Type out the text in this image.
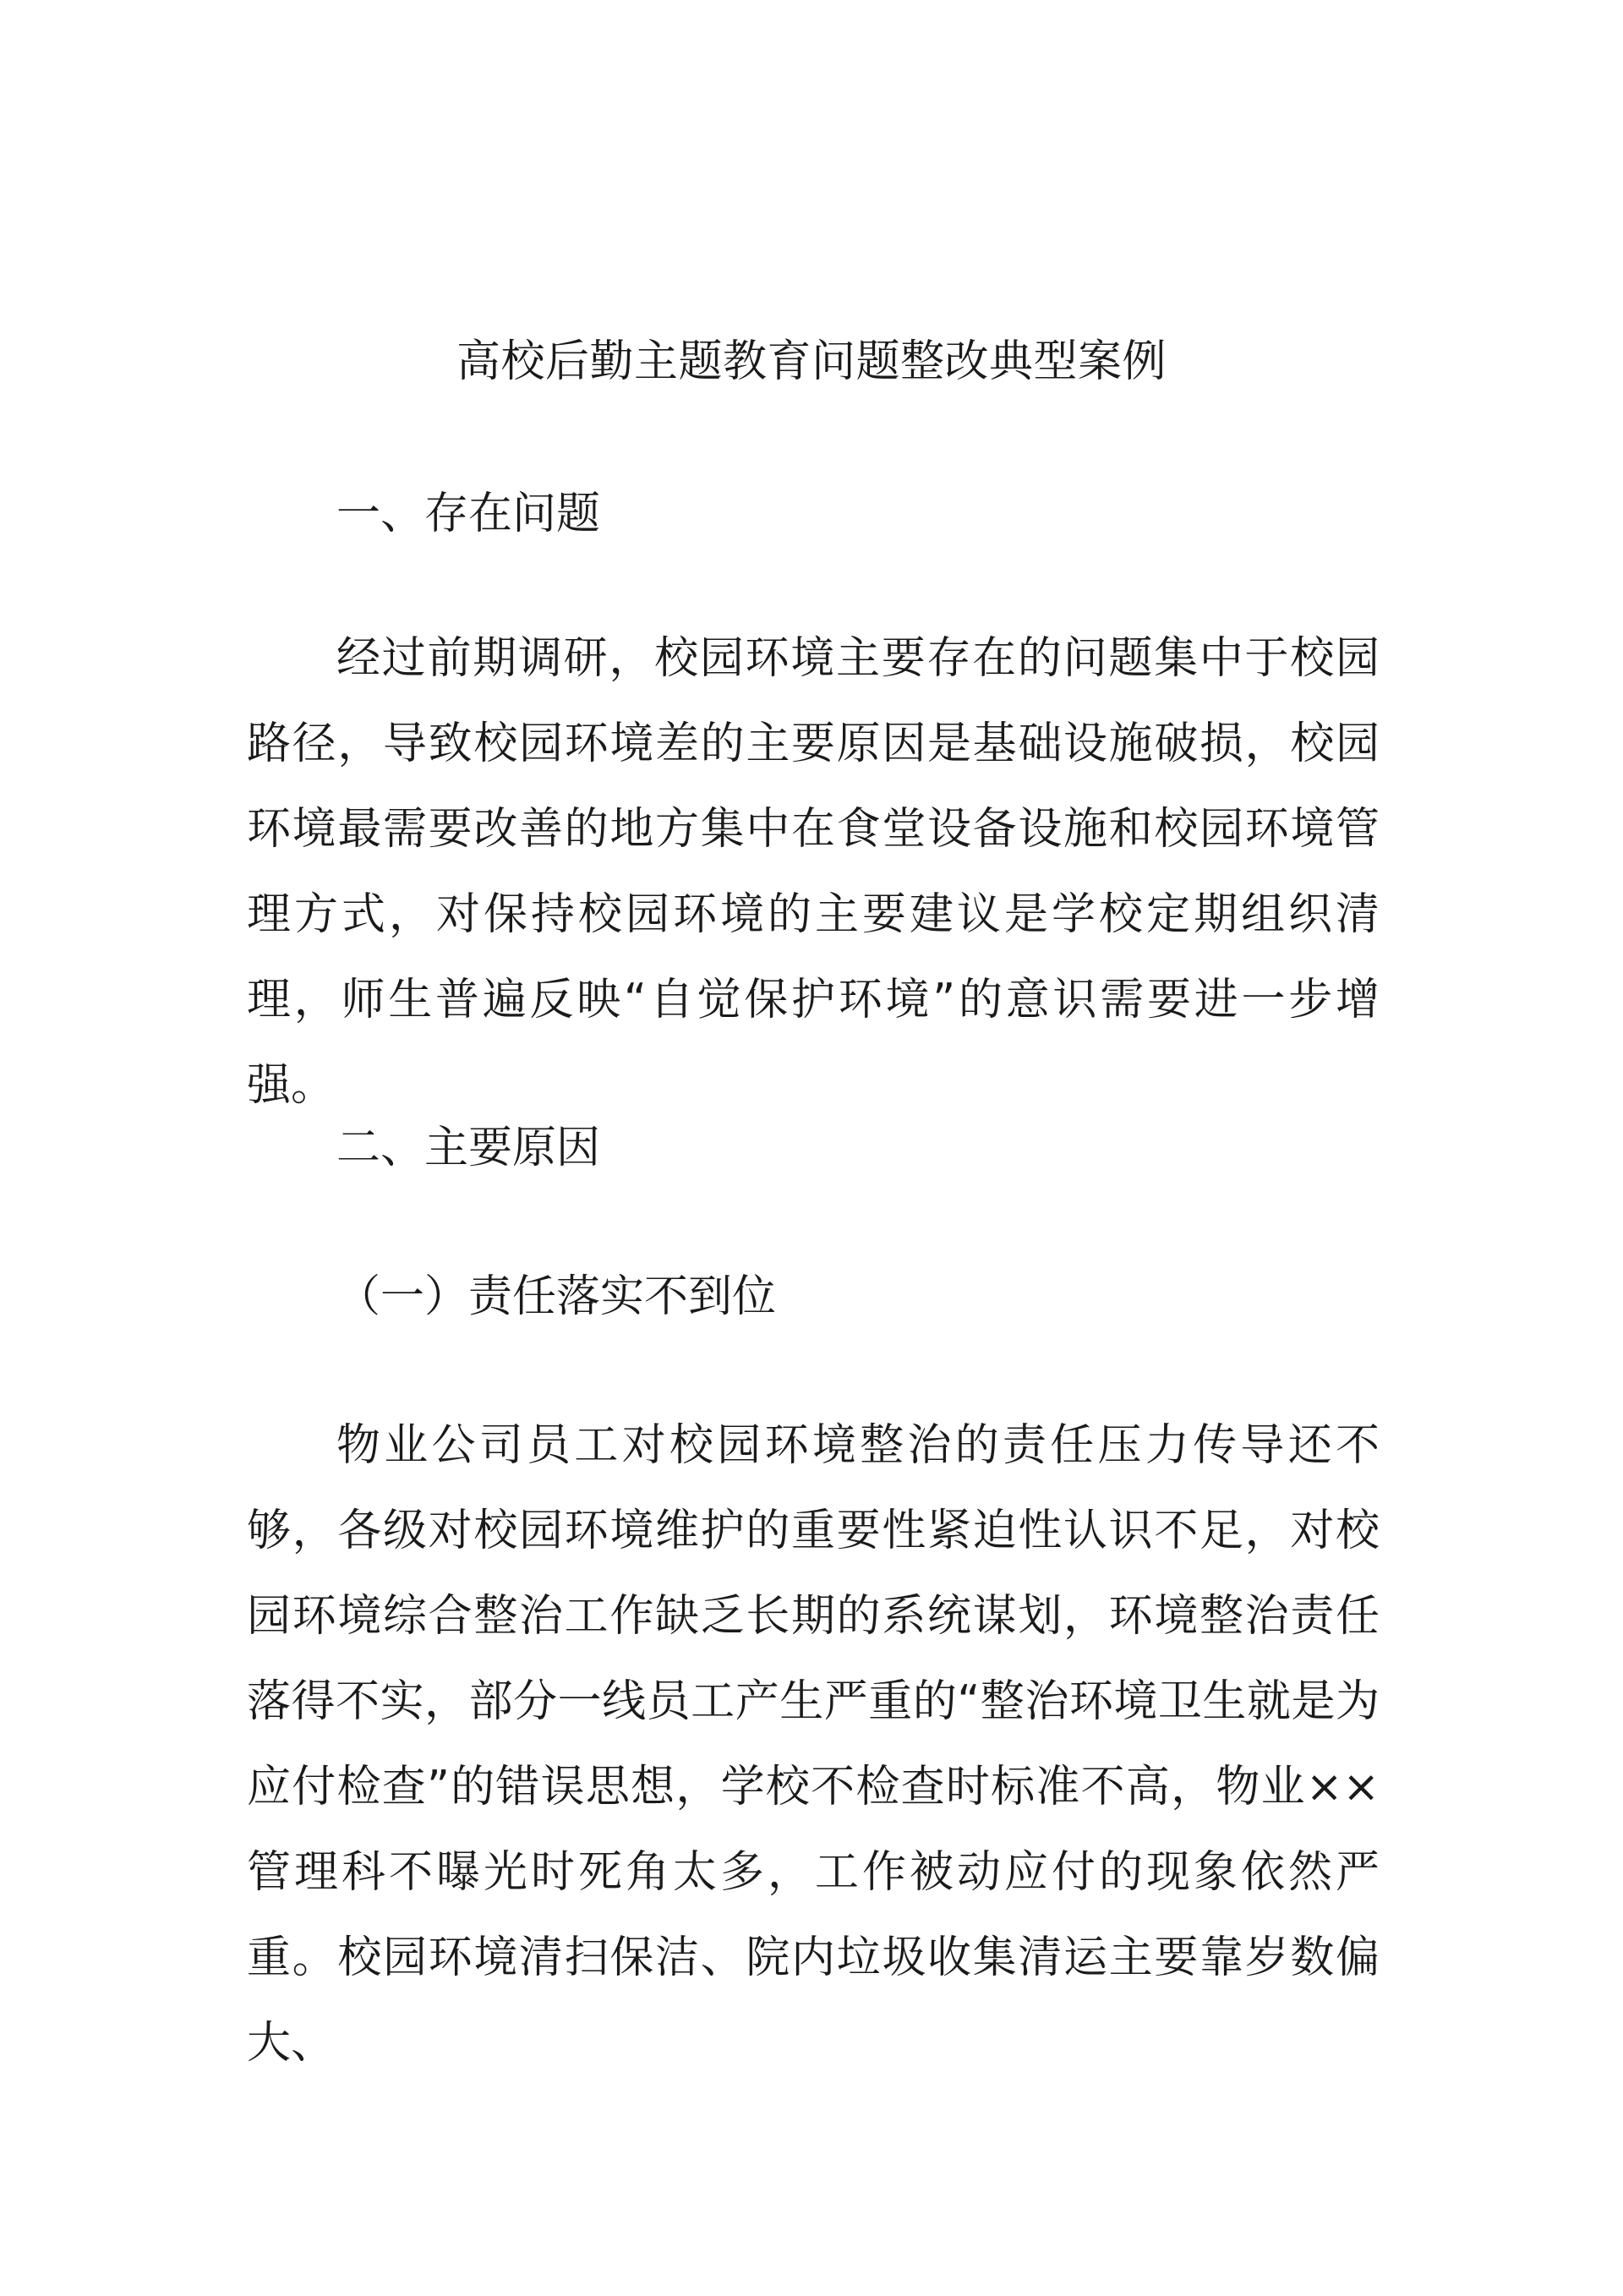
高校后勤主题教育问题整改典型案例
一、存在问题

经过前期调研，校园环境主要存在的问题集中于校园路径，导致校园环境差的主要原因是基础设施破损，校园环境最需要改善的地方集中在食堂设备设施和校园环境管理方式，对保持校园环境的主要建议是学校定期组织清理，师生普遍反映“自觉保护环境”的意识需要进一步增强。

二、主要原因
（一）责任落实不到位

物业公司员工对校园环境整治的责任压力传导还不够，各级对校园环境维护的重要性紧迫性认识不足，对校园环境综合整治工作缺乏长期的系统谋划，环境整治责任落得不实，部分一线员工产生严重的“整治环境卫生就是为应付检查”的错误思想，学校不检查时标准不高，物业××管理科不曝光时死角太多，工作被动应付的现象依然严重。校园环境清扫保洁、院内垃圾收集清运主要靠岁数偏大、
